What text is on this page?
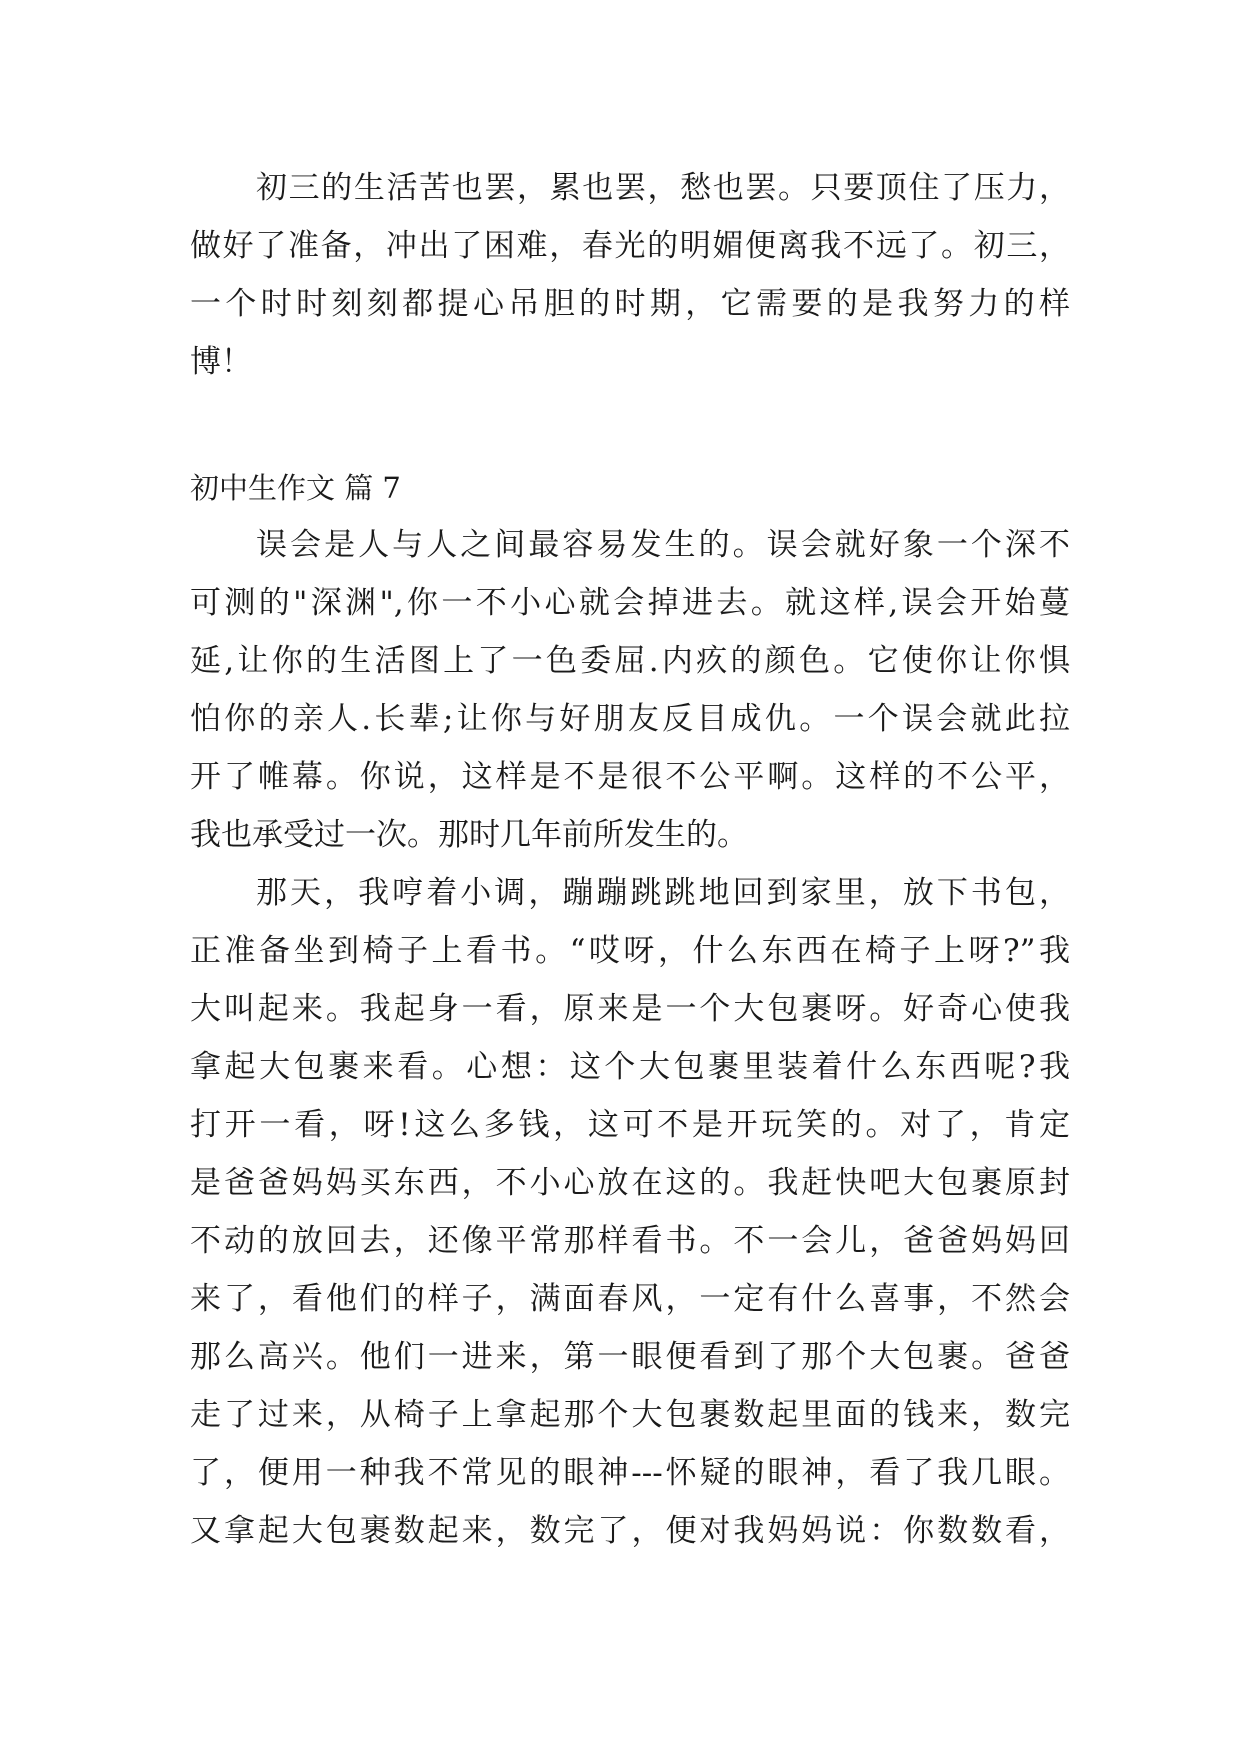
初三的生活苦也罢，累也罢，愁也罢。只要顶住了压力，
做好了准备，冲出了困难，春光的明媚便离我不远了。初三，
一个时时刻刻都提心吊胆的时期，它需要的是我努力的样
博！
初中生作文 篇 7
误会是人与人之间最容易发生的。误会就好象一个深不
可测的"深渊",你一不小心就会掉进去。就这样,误会开始蔓
延,让你的生活图上了一色委屈.内疚的颜色。它使你让你惧
怕你的亲人.长辈;让你与好朋友反目成仇。一个误会就此拉
开了帷幕。你说，这样是不是很不公平啊。这样的不公平，
我也承受过一次。那时几年前所发生的。
那天，我哼着小调，蹦蹦跳跳地回到家里，放下书包，
正准备坐到椅子上看书。“哎呀，什么东西在椅子上呀?”我
大叫起来。我起身一看，原来是一个大包裹呀。好奇心使我
拿起大包裹来看。心想：这个大包裹里装着什么东西呢?我
打开一看，呀!这么多钱，这可不是开玩笑的。对了，肯定
是爸爸妈妈买东西，不小心放在这的。我赶快吧大包裹原封
不动的放回去，还像平常那样看书。不一会儿，爸爸妈妈回
来了，看他们的样子，满面春风，一定有什么喜事，不然会
那么高兴。他们一进来，第一眼便看到了那个大包裹。爸爸
走了过来，从椅子上拿起那个大包裹数起里面的钱来，数完
了，便用一种我不常见的眼神---怀疑的眼神，看了我几眼。
又拿起大包裹数起来，数完了，便对我妈妈说：你数数看，
